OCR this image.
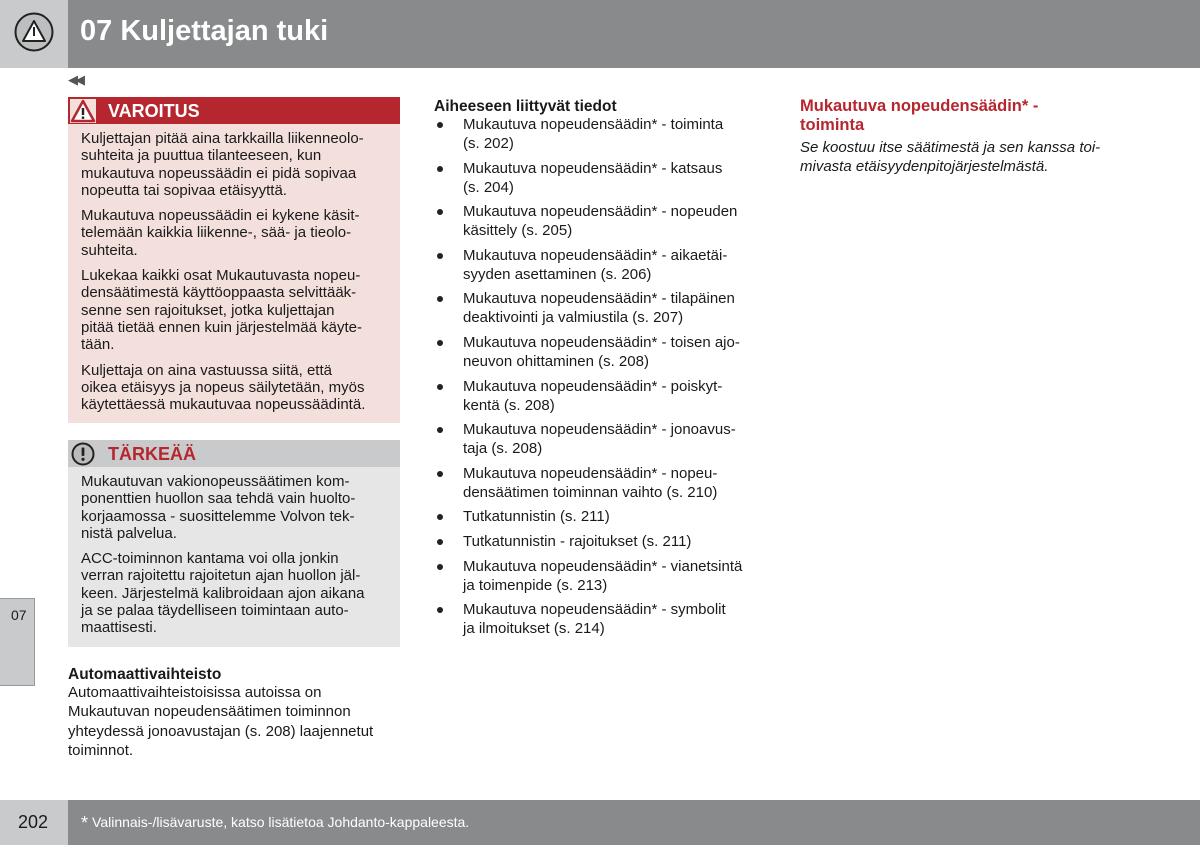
07 Kuljettajan tuki
◀◀
VAROITUS

Kuljettajan pitää aina tarkkailla liikenneolo-
suhteita ja puuttua tilanteeseen, kun
mukautuva nopeussäädin ei pidä sopivaa
nopeutta tai sopivaa etäisyyttä.

Mukautuva nopeussäädin ei kykene käsit-
telemään kaikkia liikenne-, sää- ja tieolo-
suhteita.

Lukekaa kaikki osat Mukautuvasta nopeu-
densäätimestä käyttöoppaasta selvittääk-
senne sen rajoitukset, jotka kuljettajan
pitää tietää ennen kuin järjestelmää käyte-
tään.

Kuljettaja on aina vastuussa siitä, että
oikea etäisyys ja nopeus säilytetään, myös
käytettäessä mukautuvaa nopeussäädintä.

TÄRKEÄÄ

Mukautuvan vakionopeussäätimen kom-
ponenttien huollon saa tehdä vain huolto-
korjaamossa - suosittelemme Volvon tek-
nistä palvelua.

ACC-toiminnon kantama voi olla jonkin
verran rajoitettu rajoitetun ajan huollon jäl-
keen. Järjestelmä kalibroidaan ajon aikana
ja se palaa täydelliseen toimintaan auto-
maattisesti.

Automaattivaihteisto

Automaattivaihteistoisissa autoissa on
Mukautuvan nopeudensäätimen toiminnon
yhteydessä jonoavustajan (s. 208) laajennetut
toiminnot.

Aiheeseen liittyvät tiedot
Mukautuva nopeudensäädin* - toiminta
(s. 202)
Mukautuva nopeudensäädin* - katsaus
(s. 204)
Mukautuva nopeudensäädin* - nopeuden
käsittely (s. 205)
Mukautuva nopeudensäädin* - aikaetäi-
syyden asettaminen (s. 206)
Mukautuva nopeudensäädin* - tilapäinen
deaktivointi ja valmiustila (s. 207)
Mukautuva nopeudensäädin* - toisen ajo-
neuvon ohittaminen (s. 208)
Mukautuva nopeudensäädin* - poiskyt-
kentä (s. 208)
Mukautuva nopeudensäädin* - jonoavus-
taja (s. 208)
Mukautuva nopeudensäädin* - nopeu-
densäätimen toiminnan vaihto (s. 210)
Tutkatunnistin (s. 211)
Tutkatunnistin - rajoitukset (s. 211)
Mukautuva nopeudensäädin* - vianetsintä
ja toimenpide (s. 213)
Mukautuva nopeudensäädin* - symbolit
ja ilmoitukset (s. 214)
Mukautuva nopeudensäädin* -
toiminta

Se koostuu itse säätimestä ja sen kanssa toi-
mivasta etäisyydenpitojärjestelmästä.

07
202	* Valinnais-/lisävaruste, katso lisätietoa Johdanto-kappaleesta.
